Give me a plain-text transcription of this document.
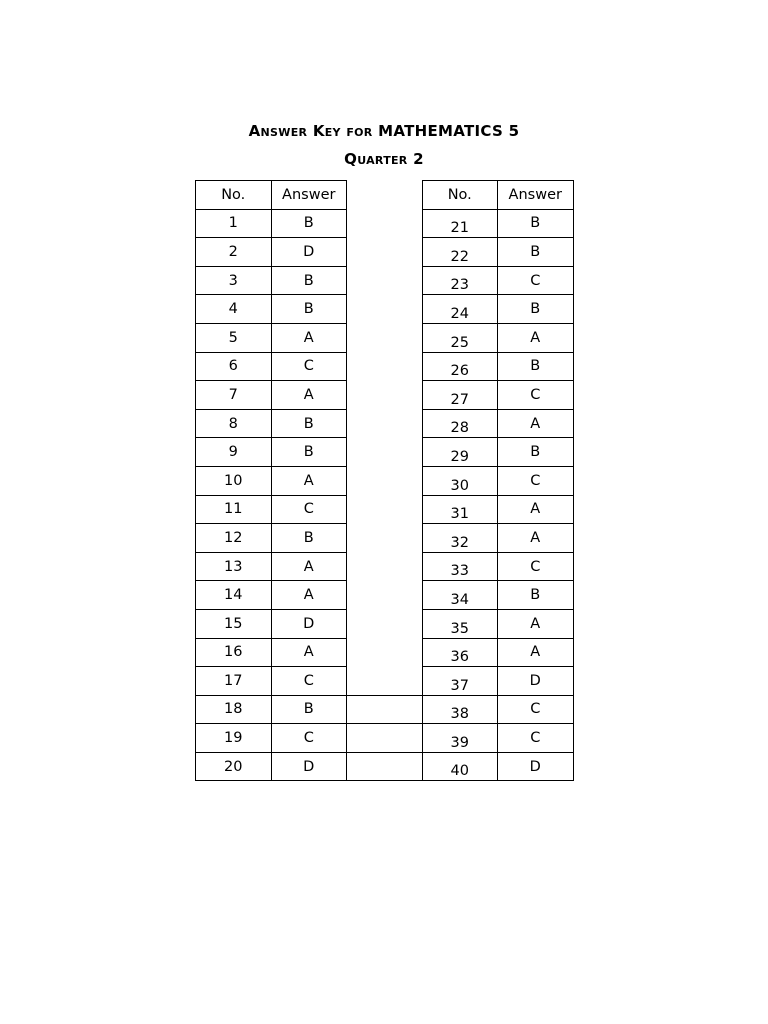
Answer Key for MATHEMATICS 5
Quarter 2
No.	Answer		No.	Answer
1	B		21	B
2	D		22	B
3	B		23	C
4	B		24	B
5	A		25	A
6	C		26	B
7	A		27	C
8	B		28	A
9	B		29	B
10	A		30	C
11	C		31	A
12	B		32	A
13	A		33	C
14	A		34	B
15	D		35	A
16	A		36	A
17	C		37	D
18	B		38	C
19	C		39	C
20	D		40	D
